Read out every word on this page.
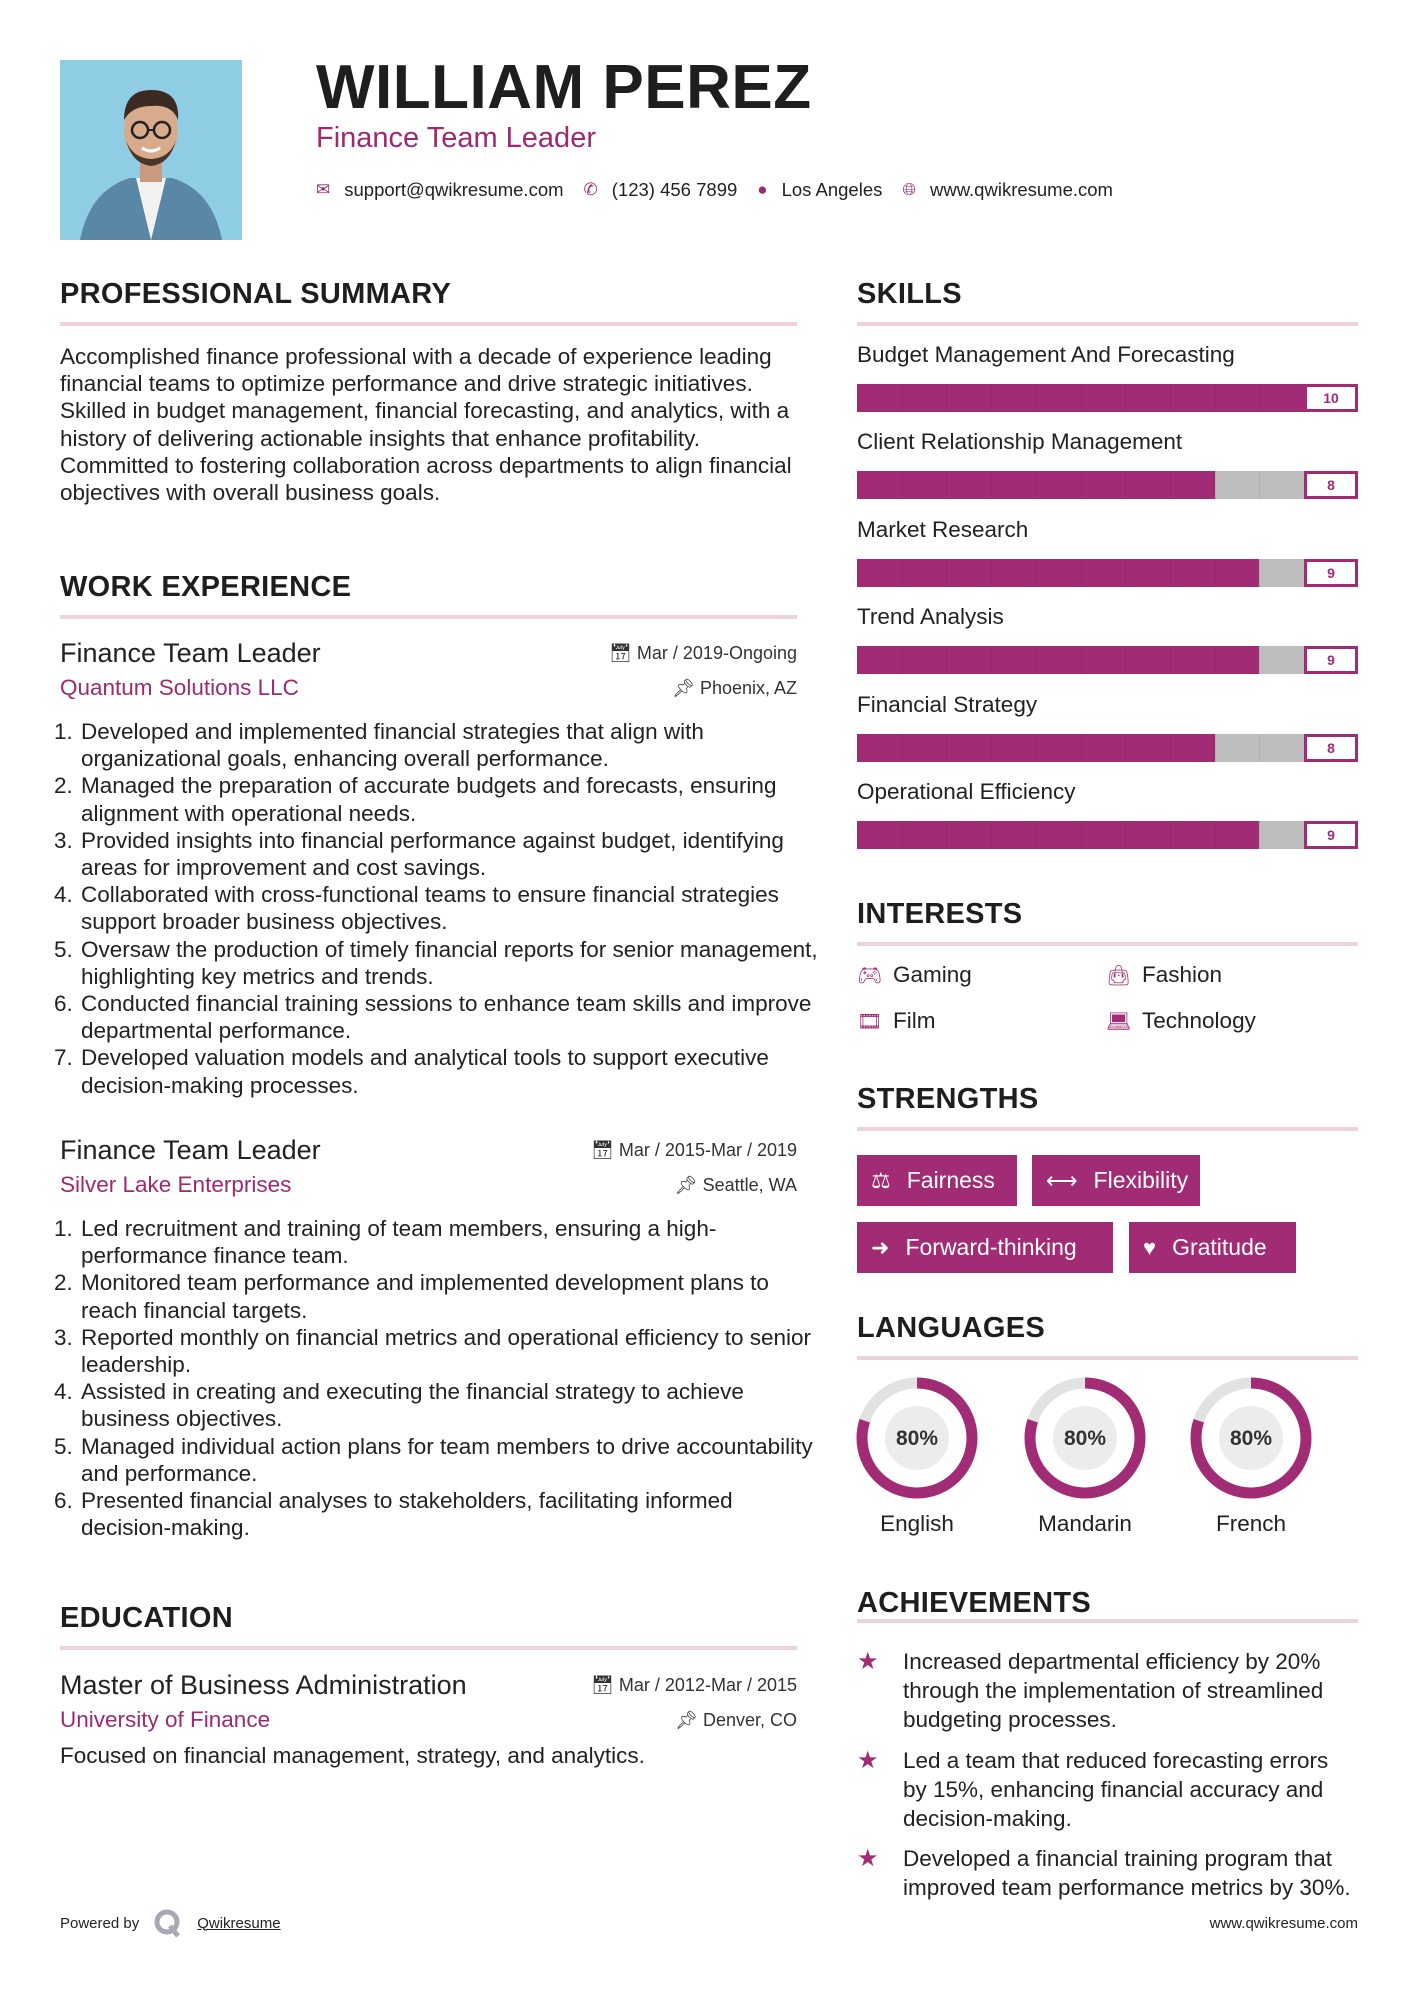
WILLIAM PEREZ
Finance Team Leader
✉ support@qwikresume.com ✆ (123) 456 7899 ● Los Angeles 🌐︎ www.qwikresume.com
PROFESSIONAL SUMMARY
Accomplished finance professional with a decade of experience leading financial teams to optimize performance and drive strategic initiatives. Skilled in budget management, financial forecasting, and analytics, with a history of delivering actionable insights that enhance profitability. Committed to fostering collaboration across departments to align financial objectives with overall business goals.
WORK EXPERIENCE
Finance Team Leader	📅︎ Mar / 2019-Ongoing
Quantum Solutions LLC	📌︎ Phoenix, AZ
1. Developed and implemented financial strategies that align with organizational goals, enhancing overall performance.
2. Managed the preparation of accurate budgets and forecasts, ensuring alignment with operational needs.
3. Provided insights into financial performance against budget, identifying areas for improvement and cost savings.
4. Collaborated with cross-functional teams to ensure financial strategies support broader business objectives.
5. Oversaw the production of timely financial reports for senior management, highlighting key metrics and trends.
6. Conducted financial training sessions to enhance team skills and improve departmental performance.
7. Developed valuation models and analytical tools to support executive decision-making processes.
Finance Team Leader	📅︎ Mar / 2015-Mar / 2019
Silver Lake Enterprises	📌︎ Seattle, WA
1. Led recruitment and training of team members, ensuring a high-performance finance team.
2. Monitored team performance and implemented development plans to reach financial targets.
3. Reported monthly on financial metrics and operational efficiency to senior leadership.
4. Assisted in creating and executing the financial strategy to achieve business objectives.
5. Managed individual action plans for team members to drive accountability and performance.
6. Presented financial analyses to stakeholders, facilitating informed decision-making.
EDUCATION
Master of Business Administration	📅︎ Mar / 2012-Mar / 2015
University of Finance	📌︎ Denver, CO
Focused on financial management, strategy, and analytics.
Powered by	Qwikresume
SKILLS
Budget Management And Forecasting
10
Client Relationship Management
8
Market Research
9
Trend Analysis
9
Financial Strategy
8
Operational Efficiency
9
INTERESTS
🎮︎ Gaming	👜︎ Fashion
🎞︎ Film	💻︎ Technology
STRENGTHS
⚖ Fairness ⟷ Flexibility
➜ Forward-thinking	♥ Gratitude
LANGUAGES
80%
English
80%
Mandarin
80%
French
ACHIEVEMENTS
★	Increased departmental efficiency by 20% through the implementation of streamlined budgeting processes.
★	Led a team that reduced forecasting errors by 15%, enhancing financial accuracy and decision-making.
★	Developed a financial training program that improved team performance metrics by 30%.
www.qwikresume.com
